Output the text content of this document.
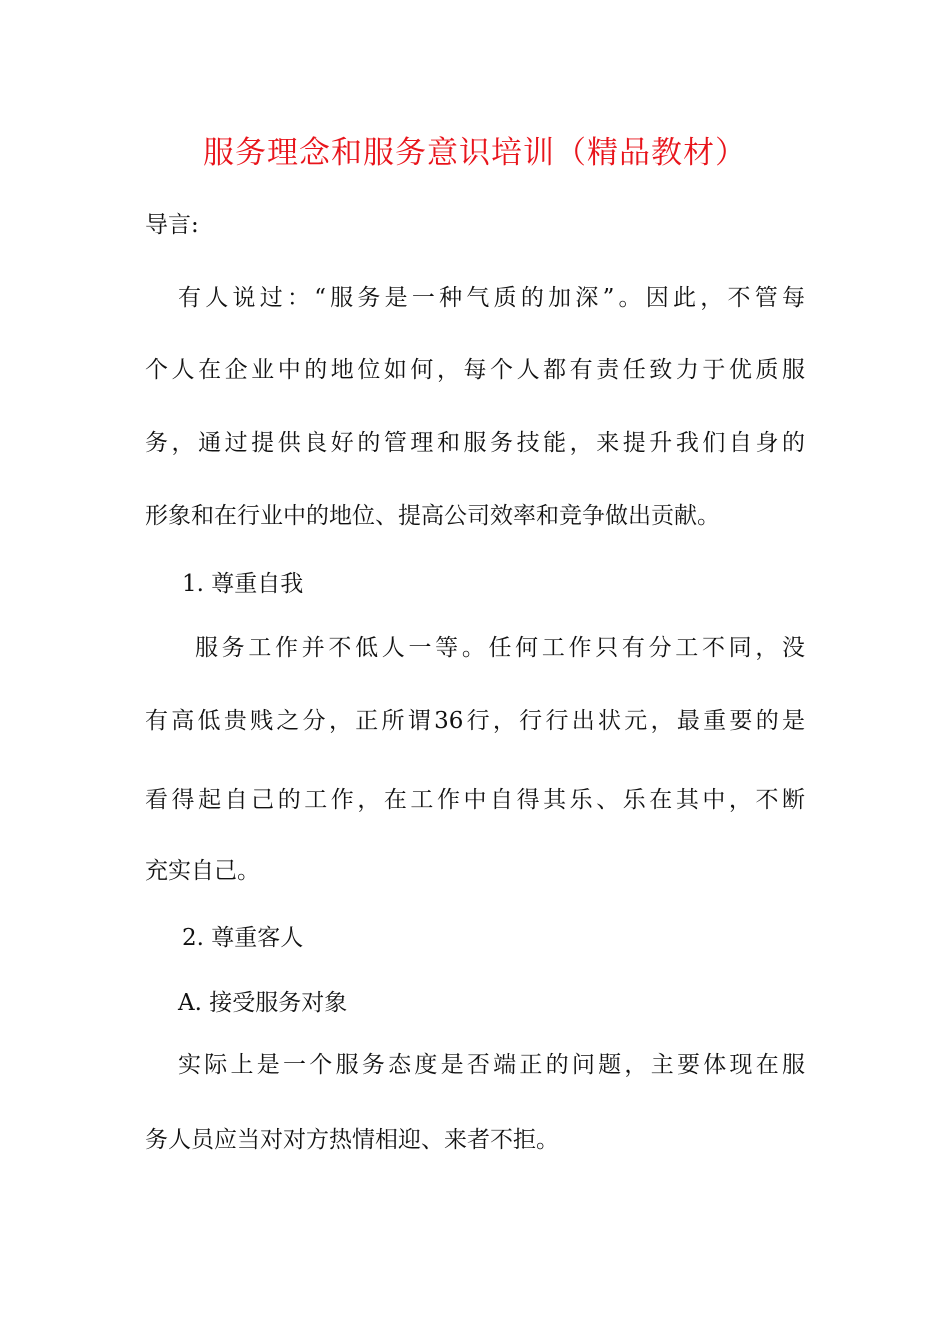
服务理念和服务意识培训（精品教材）
导言:
有人说过：“服务是一种气质的加深”。因此，不管每
个人在企业中的地位如何，每个人都有责任致力于优质服
务，通过提供良好的管理和服务技能，来提升我们自身的
形象和在行业中的地位、提高公司效率和竞争做出贡献。
1. 尊重自我
服务工作并不低人一等。任何工作只有分工不同，没
有高低贵贱之分，正所谓36行，行行出状元，最重要的是
看得起自己的工作，在工作中自得其乐、乐在其中，不断
充实自己。
2. 尊重客人
A. 接受服务对象
实际上是一个服务态度是否端正的问题，主要体现在服
务人员应当对对方热情相迎、来者不拒。
